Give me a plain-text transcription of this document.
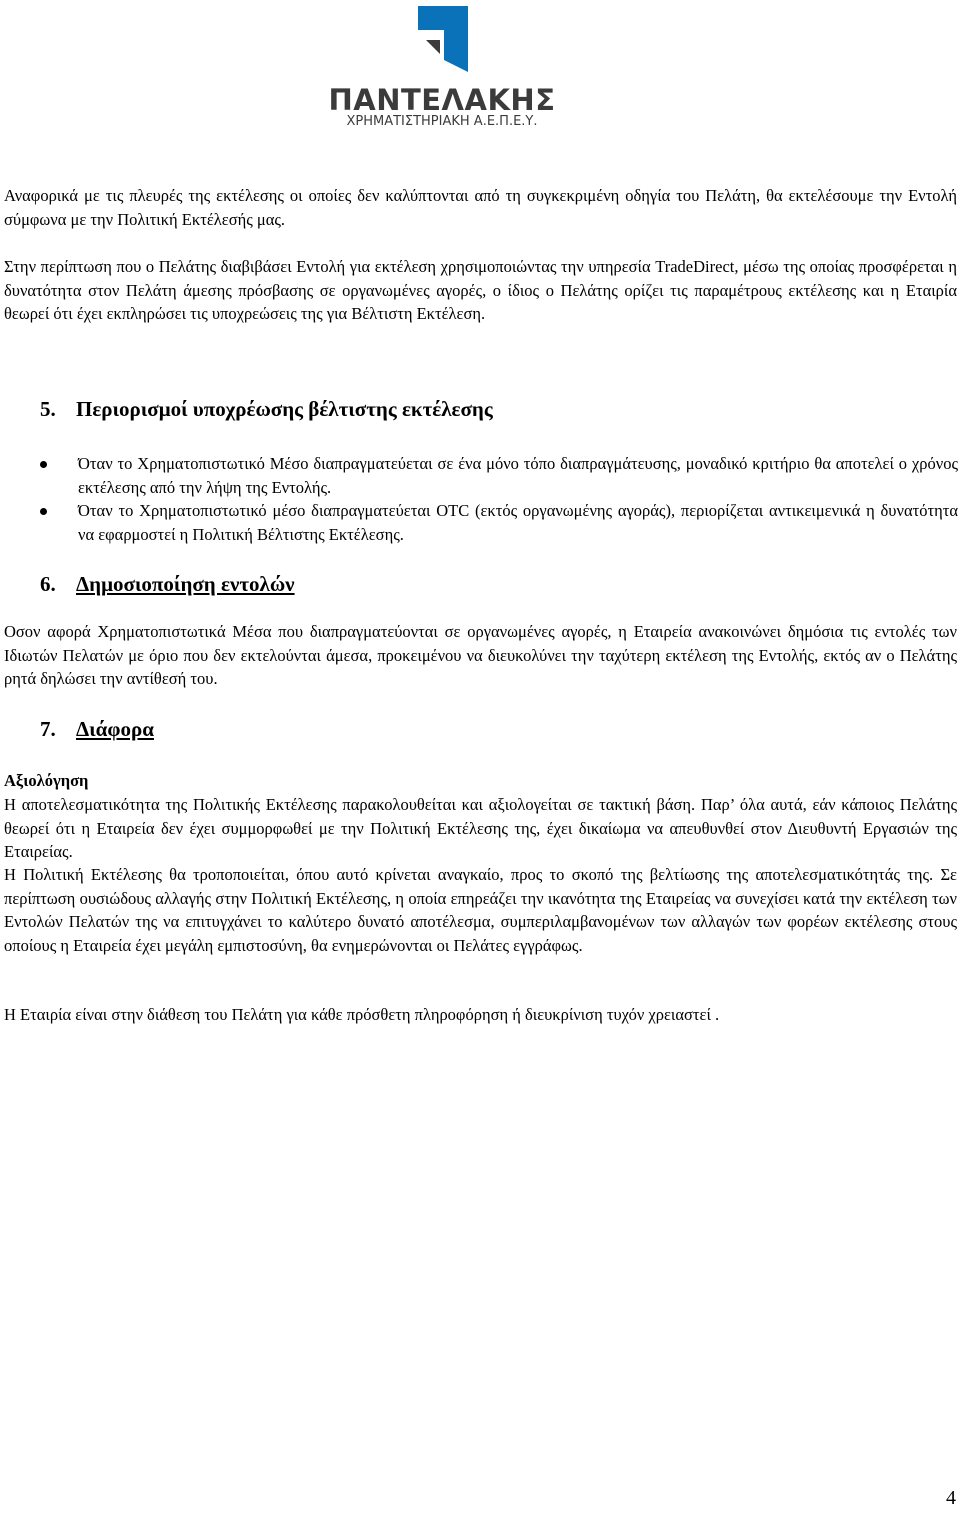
ΠΑΝΤΕΛΑΚΗΣ
ΧΡΗΜΑΤΙΣΤΗΡΙΑΚΗ Α.Ε.Π.Ε.Υ.

Αναφορικά με τις πλευρές της εκτέλεσης οι οποίες δεν καλύπτονται από τη συγκεκριμένη οδηγία του Πελάτη, θα εκτελέσουμε την Εντολή σύμφωνα με την Πολιτική Εκτέλεσής μας.

Στην περίπτωση που ο Πελάτης διαβιβάσει Εντολή για εκτέλεση χρησιμοποιώντας την υπηρεσία TradeDirect, μέσω της οποίας προσφέρεται η δυνατότητα στον Πελάτη άμεσης πρόσβασης σε οργανωμένες αγορές, ο ίδιος ο Πελάτης ορίζει τις παραμέτρους εκτέλεσης και η Εταιρία θεωρεί ότι έχει εκπληρώσει τις υποχρεώσεις της για Βέλτιστη Εκτέλεση.

5. Περιορισμοί υποχρέωσης βέλτιστης εκτέλεσης

Όταν το Χρηματοπιστωτικό Μέσο διαπραγματεύεται σε ένα μόνο τόπο διαπραγμάτευσης, μοναδικό κριτήριο θα αποτελεί ο χρόνος εκτέλεσης από την λήψη της Εντολής.

Όταν το Χρηματοπιστωτικό μέσο διαπραγματεύεται OTC (εκτός οργανωμένης αγοράς), περιορίζεται αντικειμενικά η δυνατότητα να εφαρμοστεί η Πολιτική Βέλτιστης Εκτέλεσης.

6. Δημοσιοποίηση εντολών

Οσον αφορά Χρηματοπιστωτικά Μέσα που διαπραγματεύονται σε οργανωμένες αγορές, η Εταιρεία ανακοινώνει δημόσια τις εντολές των Ιδιωτών Πελατών με όριο που δεν εκτελούνται άμεσα, προκειμένου να διευκολύνει την ταχύτερη εκτέλεση της Εντολής, εκτός αν ο Πελάτης ρητά δηλώσει την αντίθεσή του.

7. Διάφορα
Αξιολόγηση

Η αποτελεσματικότητα της Πολιτικής Εκτέλεσης παρακολουθείται και αξιολογείται σε τακτική βάση. Παρ’ όλα αυτά, εάν κάποιος Πελάτης θεωρεί ότι η Εταιρεία δεν έχει συμμορφωθεί με την Πολιτική Εκτέλεσης της, έχει δικαίωμα να απευθυνθεί στον Διευθυντή Εργασιών της Εταιρείας.

Η Πολιτική Εκτέλεσης θα τροποποιείται, όπου αυτό κρίνεται αναγκαίο, προς το σκοπό της βελτίωσης της αποτελεσματικότητάς της. Σε περίπτωση ουσιώδους αλλαγής στην Πολιτική Εκτέλεσης, η οποία επηρεάζει την ικανότητα της Εταιρείας να συνεχίσει κατά την εκτέλεση των Εντολών Πελατών της να επιτυγχάνει το καλύτερο δυνατό αποτέλεσμα, συμπεριλαμβανομένων των αλλαγών των φορέων εκτέλεσης στους οποίους η Εταιρεία έχει μεγάλη εμπιστοσύνη, θα ενημερώνονται οι Πελάτες εγγράφως.

Η Εταιρία είναι στην διάθεση του Πελάτη για κάθε πρόσθετη πληροφόρηση ή διευκρίνιση τυχόν χρειαστεί .

4
